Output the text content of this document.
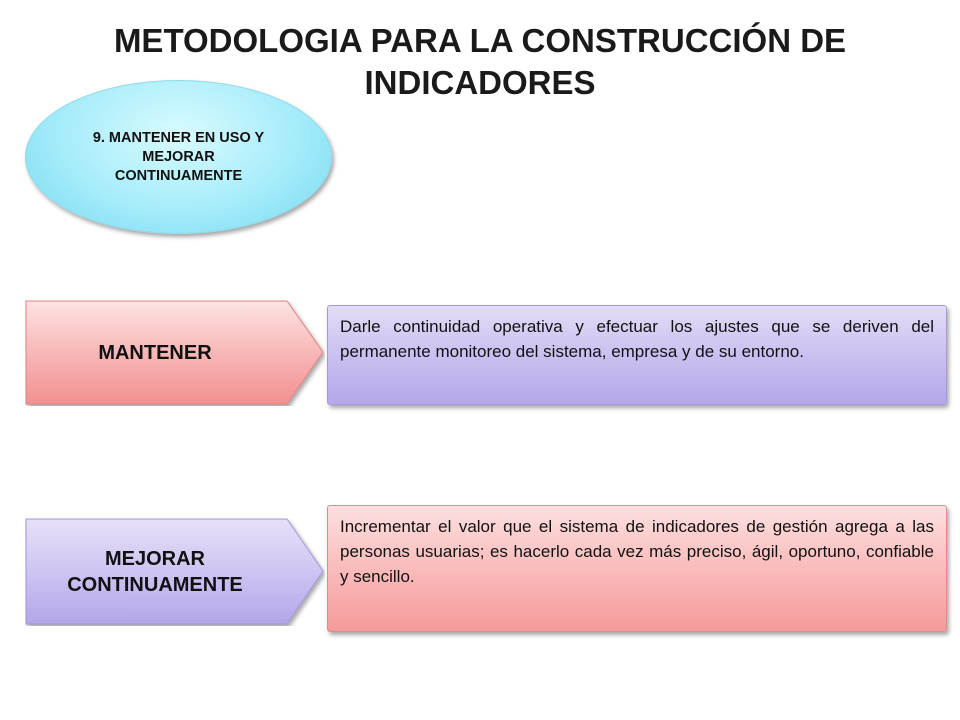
METODOLOGIA PARA LA CONSTRUCCIÓN DE INDICADORES
9. MANTENER EN USO Y MEJORAR CONTINUAMENTE
MANTENER
Darle continuidad operativa y efectuar los ajustes que se deriven del permanente monitoreo del sistema, empresa y de su entorno.
MEJORAR CONTINUAMENTE
Incrementar el valor que el sistema de indicadores de gestión agrega a las personas usuarias; es hacerlo cada vez más preciso, ágil, oportuno, confiable y sencillo.
